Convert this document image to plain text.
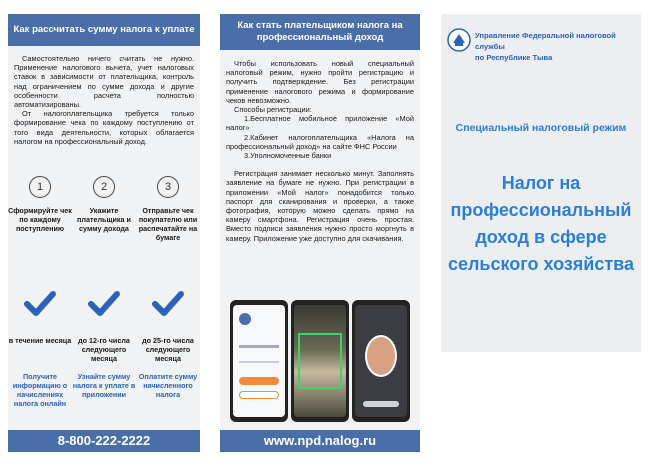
Как рассчитать сумму налога к уплате

Самостоятельно ничего считать не нужно. Применение налогового вычета, учет налоговых ставок в зависимости от плательщика, контроль над ограничением по сумме дохода и другие особенности расчета полностью автоматизированы.

От налогоплательщика требуется только формирование чека по каждому поступлению от того вида деятельности, которых облагается налогом на профессиональный доход.

1
Сформируйте чек по каждому поступлению
в течение месяца
Получите информацию о начислениях налога онлайн
2
Укажите плательщика и сумму дохода
до 12-го числа следующего месяца
Узнайте сумму налога к уплате в приложении
3
Отправьте чек покупателю или распечатайте на бумаге
до 25-го числа следующего месяца
Оплатите сумму начисленного налога
8-800-222-2222
Как стать плательщиком налога на профессиональный доход

Чтобы использовать новый специальный налоговый режим, нужно пройти регистрацию и получить подтверждение. Без регистрации применение налогового режима и формирование чеков невозможно.

Способы регистрации:

1.Бесплатное мобильное приложение «Мой налог»

2.Кабинет налогоплательщика «Налога на профессиональный доход» на сайте ФНС России

3.Уполномоченные банки

Регистрация занимает несколько минут. Заполнять заявление на бумаге не нужно. При регистрации в приложении «Мой налог» понадобится только паспорт для сканирования и проверки, а также фотография, которую можно сделать прямо на камеру смартфона. Регистрация очень простая. Вместо подписи заявления нужно просто моргнуть в камеру. Приложение уже доступно для скачивания.

www.npd.nalog.ru
Управление Федеральной налоговой службы
по Республике Тыва
Специальный налоговый режим
Налог на
профессиональный
доход в сфере
сельского хозяйства
